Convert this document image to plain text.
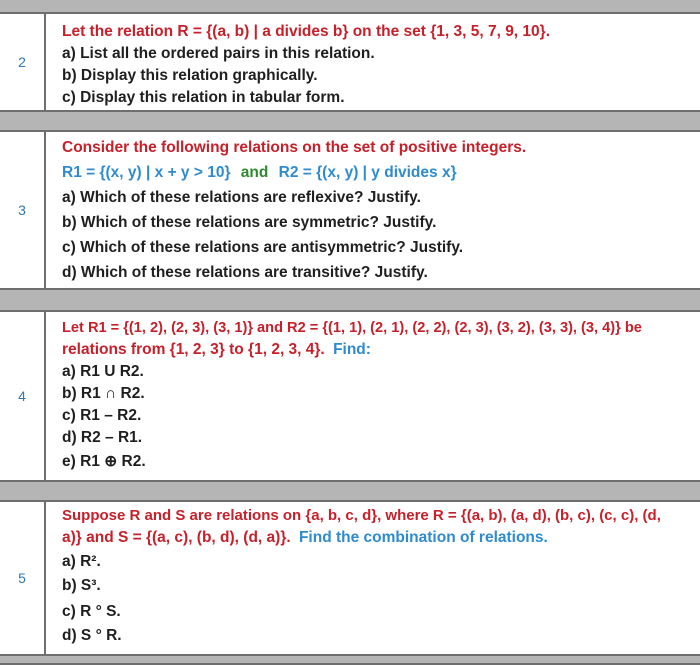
2
Let the relation R = {(a, b) | a divides b} on the set {1, 3, 5, 7, 9, 10}.
a) List all the ordered pairs in this relation.
b) Display this relation graphically.
c) Display this relation in tabular form.
3
Consider the following relations on the set of positive integers.
R1 = {(x, y) | x + y > 10} and R2 = {(x, y) | y divides x}
a) Which of these relations are reflexive? Justify.
b) Which of these relations are symmetric? Justify.
c) Which of these relations are antisymmetric? Justify.
d) Which of these relations are transitive? Justify.
4
Let R1 = {(1, 2), (2, 3), (3, 1)} and R2 = {(1, 1), (2, 1), (2, 2), (2, 3), (3, 2), (3, 3), (3, 4)} be
relations from {1, 2, 3} to {1, 2, 3, 4}. Find:
a) R1 U R2.
b) R1 ∩ R2.
c) R1 – R2.
d) R2 – R1.
e) R1 ⊕ R2.
5
Suppose R and S are relations on {a, b, c, d}, where R = {(a, b), (a, d), (b, c), (c, c), (d,
a)} and S = {(a, c), (b, d), (d, a)}. Find the combination of relations.
a) R².
b) S³.
c) R ° S.
d) S ° R.
